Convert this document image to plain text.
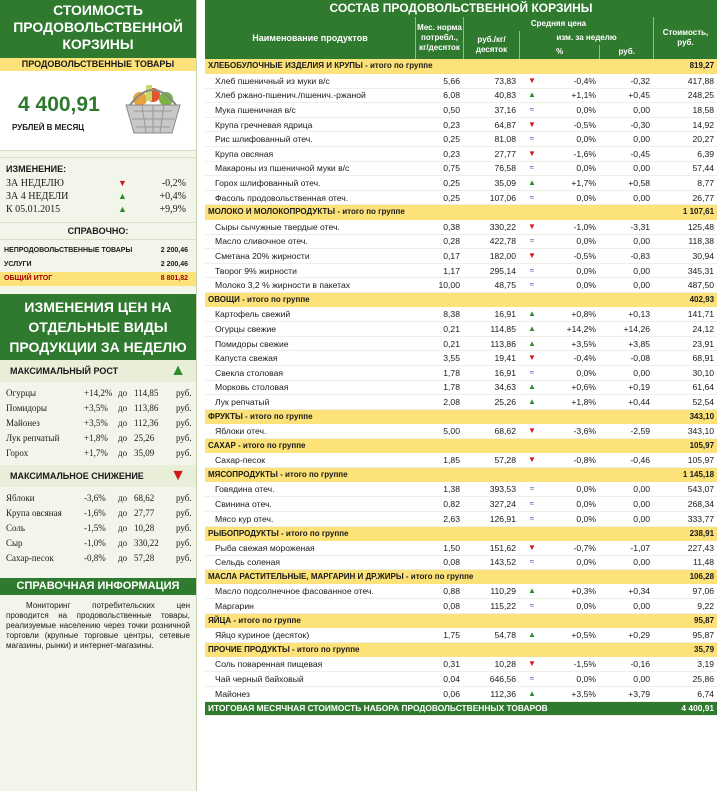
СТОИМОСТЬ ПРОДОВОЛЬСТВЕННОЙ КОРЗИНЫ
ПРОДОВОЛЬСТВЕННЫЕ ТОВАРЫ
4 400,91
РУБЛЕЙ В МЕСЯЦ
ИЗМЕНЕНИЕ:
ЗА НЕДЕЛЮ	▼	-0,2%
ЗА 4 НЕДЕЛИ	▲	+0,4%
К 05.01.2015	▲	+9,9%
СПРАВОЧНО:
НЕПРОДОВОЛЬСТВЕННЫЕ ТОВАРЫ	2 200,46
УСЛУГИ	2 200,46
ОБЩИЙ ИТОГ	8 801,82
ИЗМЕНЕНИЯ ЦЕН НА ОТДЕЛЬНЫЕ ВИДЫ ПРОДУКЦИИ ЗА НЕДЕЛЮ
МАКСИМАЛЬНЫЙ РОСТ	▲
Огурцы	+14,2% до 114,85 руб.
Помидоры	+3,5% до 113,86 руб.
Майонез	+3,5% до 112,36 руб.
Лук репчатый	+1,8% до 25,26 руб.
Горох	+1,7% до 35,09 руб.
МАКСИМАЛЬНОЕ СНИЖЕНИЕ ▼
Яблоки	-3,6% до 68,62 руб.
Крупа овсяная -1,6% до 27,77 руб.
Соль	-1,5% до 10,28 руб.
Сыр	-1,0% до 330,22 руб.
Сахар-песок	-0,8% до 57,28 руб.
СПРАВОЧНАЯ ИНФОРМАЦИЯ
Мониторинг потребительских цен проводится на продовольственные товары, реализуемые населению через точки розничной торговли (крупные торговые центры, сетевые магазины, рынки) и интернет-магазины.
СОСТАВ ПРОДОВОЛЬСТВЕННОЙ КОРЗИНЫ
Наименование продуктов
Мес. норма потребл., кг/десяток
Средняя цена
руб./кг/ десяток
изм. за неделю
%	руб.
Стоимость, руб.
ХЛЕБОБУЛОЧНЫЕ ИЗДЕЛИЯ И КРУПЫ - итого по группе						819,27
Хлеб пшеничный из муки в/с	5,66	73,83	▼	-0,4%	-0,32	417,88
Хлеб ржано-пшенич./пшенич.-ржаной	6,08	40,83	▲	+1,1%	+0,45	248,25
Мука пшеничная в/с	0,50	37,16	≈	0,0%	0,00	18,58
Крупа гречневая ядрица	0,23	64,87	▼	-0,5%	-0,30	14,92
Рис шлифованный отеч.	0,25	81,08	≈	0,0%	0,00	20,27
Крупа овсяная	0,23	27,77	▼	-1,6%	-0,45	6,39
Макароны из пшеничной муки в/с	0,75	76,58	≈	0,0%	0,00	57,44
Горох шлифованный отеч.	0,25	35,09	▲	+1,7%	+0,58	8,77
Фасоль продовольственная отеч.	0,25	107,06	≈	0,0%	0,00	26,77
МОЛОКО И МОЛОКОПРОДУКТЫ - итого по группе						1 107,61
Сыры сычужные твердые отеч.	0,38	330,22	▼	-1,0%	-3,31	125,48
Масло сливочное отеч.	0,28	422,78	≈	0,0%	0,00	118,38
Сметана 20% жирности	0,17	182,00	▼	-0,5%	-0,83	30,94
Творог 9% жирности	1,17	295,14	≈	0,0%	0,00	345,31
Молоко 3,2 % жирности в пакетах	10,00	48,75	≈	0,0%	0,00	487,50
ОВОЩИ - итого по группе						402,93
Картофель свежий	8,38	16,91	▲	+0,8%	+0,13	141,71
Огурцы свежие	0,21	114,85	▲	+14,2%	+14,26	24,12
Помидоры свежие	0,21	113,86	▲	+3,5%	+3,85	23,91
Капуста свежая	3,55	19,41	▼	-0,4%	-0,08	68,91
Свекла столовая	1,78	16,91	≈	0,0%	0,00	30,10
Морковь столовая	1,78	34,63	▲	+0,6%	+0,19	61,64
Лук репчатый	2,08	25,26	▲	+1,8%	+0,44	52,54
ФРУКТЫ - итого по группе						343,10
Яблоки отеч.	5,00	68,62	▼	-3,6%	-2,59	343,10
САХАР - итого по группе						105,97
Сахар-песок	1,85	57,28	▼	-0,8%	-0,46	105,97
МЯСОПРОДУКТЫ - итого по группе						1 145,18
Говядина отеч.	1,38	393,53	≈	0,0%	0,00	543,07
Свинина отеч.	0,82	327,24	≈	0,0%	0,00	268,34
Мясо кур отеч.	2,63	126,91	≈	0,0%	0,00	333,77
РЫБОПРОДУКТЫ - итого по группе						238,91
Рыба свежая мороженая	1,50	151,62	▼	-0,7%	-1,07	227,43
Сельдь соленая	0,08	143,52	≈	0,0%	0,00	11,48
МАСЛА РАСТИТЕЛЬНЫЕ, МАРГАРИН И ДР.ЖИРЫ - итого по группе						106,28
Масло подсолнечное фасованное отеч.	0,88	110,29	▲	+0,3%	+0,34	97,06
Маргарин	0,08	115,22	≈	0,0%	0,00	9,22
ЯЙЦА - итого по группе						95,87
Яйцо куриное (десяток)	1,75	54,78	▲	+0,5%	+0,29	95,87
ПРОЧИЕ ПРОДУКТЫ - итого по группе						35,79
Соль поваренная пищевая	0,31	10,28	▼	-1,5%	-0,16	3,19
Чай черный байховый	0,04	646,56	≈	0,0%	0,00	25,86
Майонез	0,06	112,36	▲	+3,5%	+3,79	6,74
ИТОГОВАЯ МЕСЯЧНАЯ СТОИМОСТЬ НАБОРА ПРОДОВОЛЬСТВЕННЫХ ТОВАРОВ						4 400,91
